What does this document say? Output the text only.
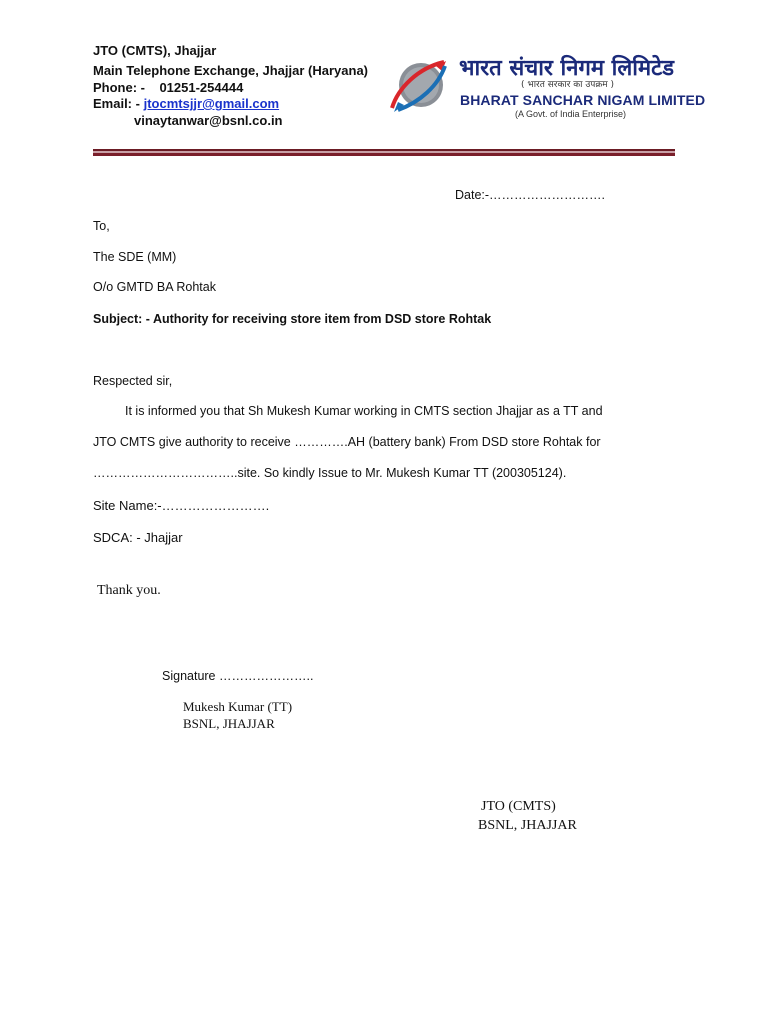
JTO (CMTS), Jhajjar
Main Telephone Exchange, Jhajjar (Haryana)
Phone: - 01251-254444
Email: - jtocmtsjjr@gmail.com
vinaytanwar@bsnl.co.in
भारत संचार निगम लिमिटेड
( भारत सरकार का उपक्रम )
BHARAT SANCHAR NIGAM LIMITED
(A Govt. of India Enterprise)
Date:-……………………….
To,
The SDE (MM)
O/o GMTD BA Rohtak
Subject: - Authority for receiving store item from DSD store Rohtak
Respected sir,
It is informed you that Sh Mukesh Kumar working in CMTS section Jhajjar as a TT and
JTO CMTS give authority to receive ………….AH (battery bank) From DSD store Rohtak for
……………………………..site. So kindly Issue to Mr. Mukesh Kumar TT (200305124).
Site Name:-…………………….
SDCA: - Jhajjar
Thank you.
Signature …………………..
Mukesh Kumar (TT)
BSNL, JHAJJAR
JTO (CMTS)
BSNL, JHAJJAR
